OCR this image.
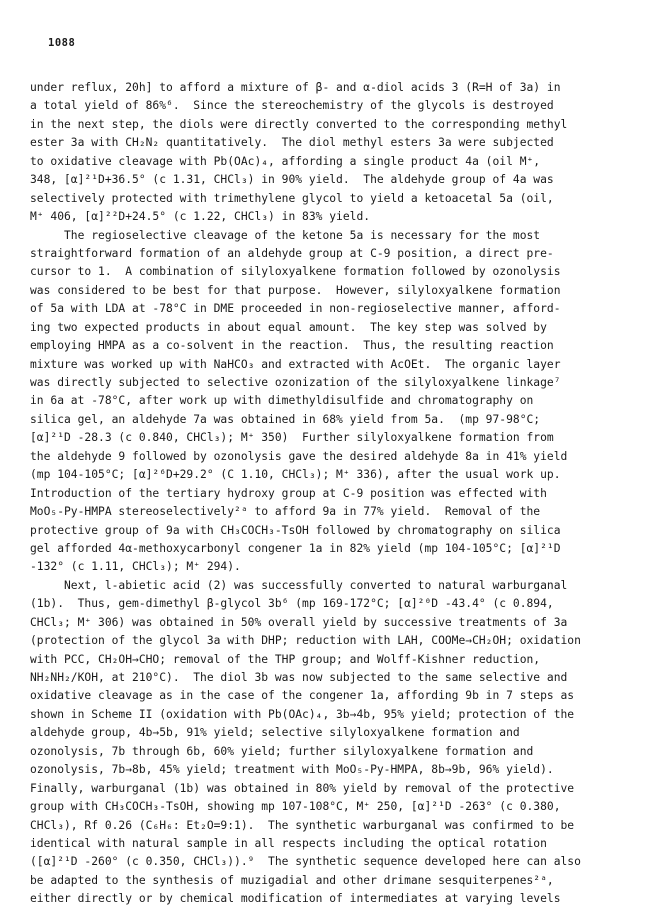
1088
under reflux, 20h] to afford a mixture of β- and α-diol acids 3 (R=H of 3a) in
a total yield of 86%⁶.  Since the stereochemistry of the glycols is destroyed
in the next step, the diols were directly converted to the corresponding methyl
ester 3a with CH₂N₂ quantitatively.  The diol methyl esters 3a were subjected
to oxidative cleavage with Pb(OAc)₄, affording a single product 4a (oil M⁺,
348, [α]²¹D+36.5° (c 1.31, CHCl₃) in 90% yield.  The aldehyde group of 4a was
selectively protected with trimethylene glycol to yield a ketoacetal 5a (oil,
M⁺ 406, [α]²²D+24.5° (c 1.22, CHCl₃) in 83% yield.
The regioselective cleavage of the ketone 5a is necessary for the most
straightforward formation of an aldehyde group at C-9 position, a direct pre-
cursor to 1.  A combination of silyloxyalkene formation followed by ozonolysis
was considered to be best for that purpose.  However, silyloxyalkene formation
of 5a with LDA at -78°C in DME proceeded in non-regioselective manner, afford-
ing two expected products in about equal amount.  The key step was solved by
employing HMPA as a co-solvent in the reaction.  Thus, the resulting reaction
mixture was worked up with NaHCO₃ and extracted with AcOEt.  The organic layer
was directly subjected to selective ozonization of the silyloxyalkene linkage⁷
in 6a at -78°C, after work up with dimethyldisulfide and chromatography on
silica gel, an aldehyde 7a was obtained in 68% yield from 5a.  (mp 97-98°C;
[α]²¹D -28.3 (c 0.840, CHCl₃); M⁺ 350)  Further silyloxyalkene formation from
the aldehyde 9 followed by ozonolysis gave the desired aldehyde 8a in 41% yield
(mp 104-105°C; [α]²⁶D+29.2° (C 1.10, CHCl₃); M⁺ 336), after the usual work up.
Introduction of the tertiary hydroxy group at C-9 position was effected with
MoO₅-Py-HMPA stereoselectively²ᵃ to afford 9a in 77% yield.  Removal of the
protective group of 9a with CH₃COCH₃-TsOH followed by chromatography on silica
gel afforded 4α-methoxycarbonyl congener 1a in 82% yield (mp 104-105°C; [α]²¹D
-132° (c 1.11, CHCl₃); M⁺ 294).
Next, l-abietic acid (2) was successfully converted to natural warburganal
(1b).  Thus, gem-dimethyl β-glycol 3b⁶ (mp 169-172°C; [α]²⁰D -43.4° (c 0.894,
CHCl₃; M⁺ 306) was obtained in 50% overall yield by successive treatments of 3a
(protection of the glycol 3a with DHP; reduction with LAH, COOMe→CH₂OH; oxidation
with PCC, CH₂OH→CHO; removal of the THP group; and Wolff-Kishner reduction,
NH₂NH₂/KOH, at 210°C).  The diol 3b was now subjected to the same selective and
oxidative cleavage as in the case of the congener 1a, affording 9b in 7 steps as
shown in Scheme II (oxidation with Pb(OAc)₄, 3b→4b, 95% yield; protection of the
aldehyde group, 4b→5b, 91% yield; selective silyloxyalkene formation and
ozonolysis, 7b through 6b, 60% yield; further silyloxyalkene formation and
ozonolysis, 7b→8b, 45% yield; treatment with MoO₅-Py-HMPA, 8b→9b, 96% yield).
Finally, warburganal (1b) was obtained in 80% yield by removal of the protective
group with CH₃COCH₃-TsOH, showing mp 107-108°C, M⁺ 250, [α]²¹D -263° (c 0.380,
CHCl₃), Rf 0.26 (C₆H₆: Et₂O=9:1).  The synthetic warburganal was confirmed to be
identical with natural sample in all respects including the optical rotation
([α]²¹D -260° (c 0.350, CHCl₃)).⁹  The synthetic sequence developed here can also
be adapted to the synthesis of muzigadial and other drimane sesquiterpenes²ᵃ,
either directly or by chemical modification of intermediates at varying levels
